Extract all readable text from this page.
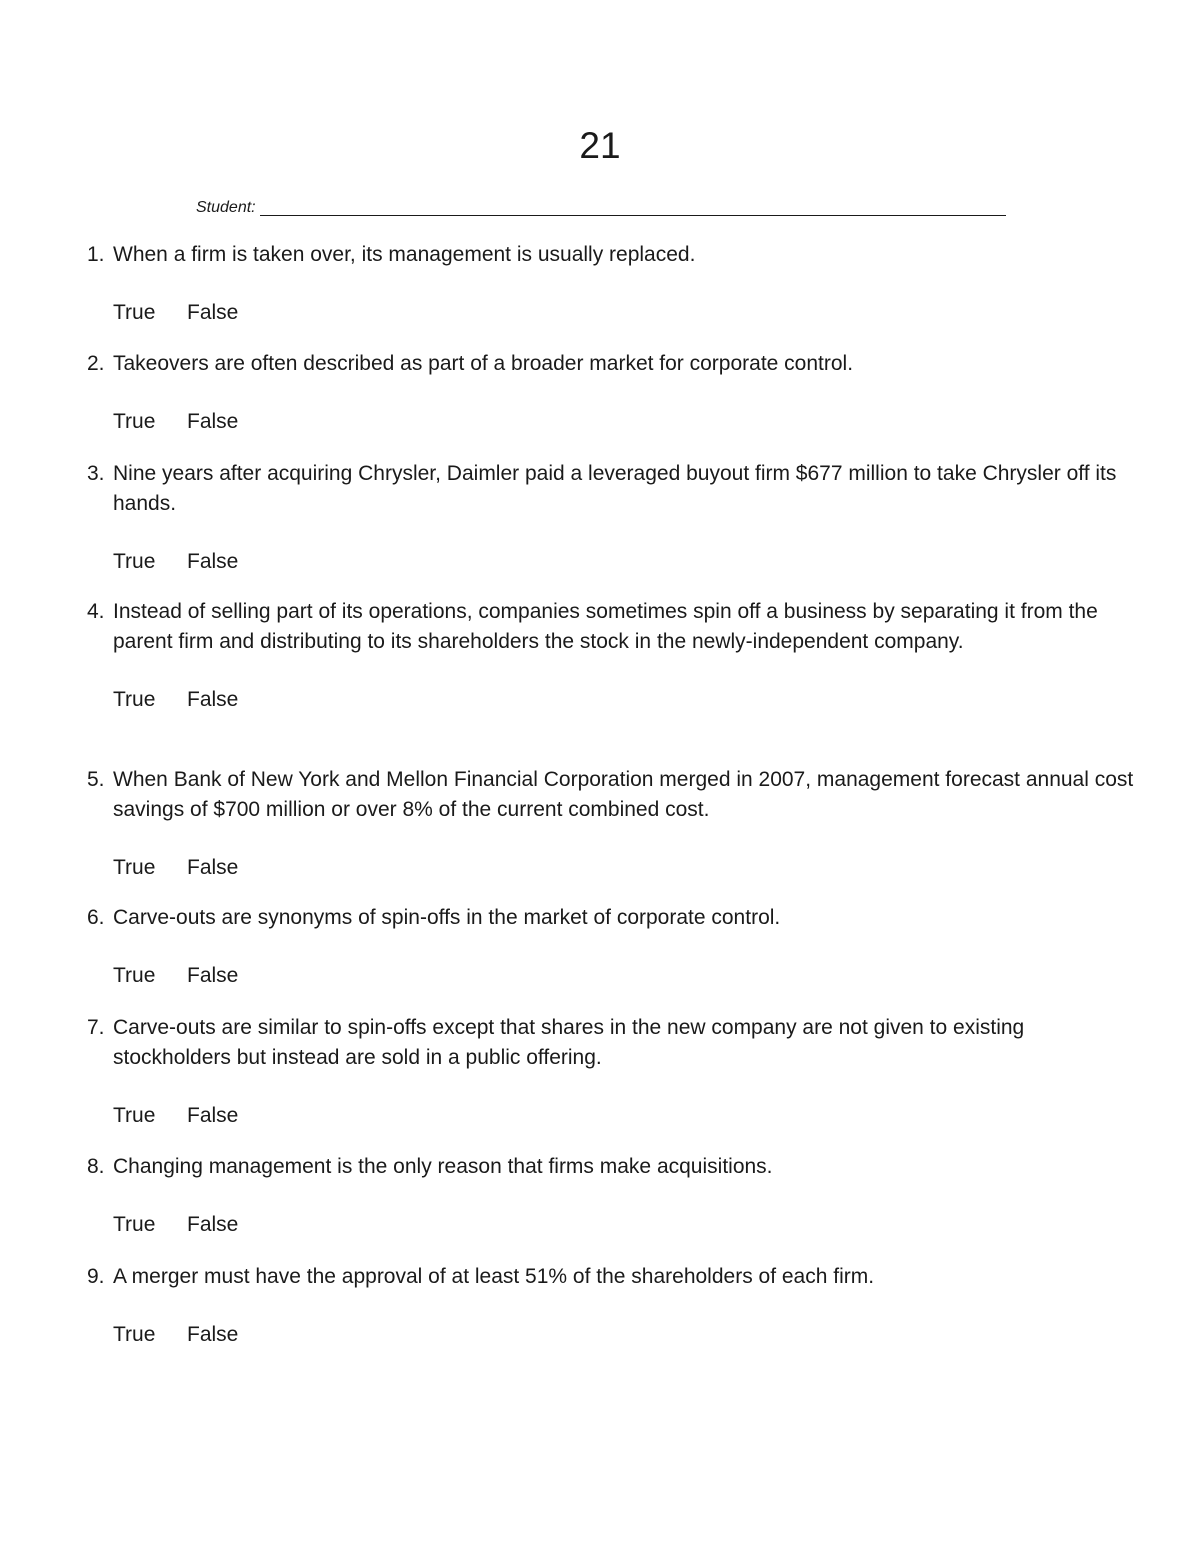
21
Student:
1. When a firm is taken over, its management is usually replaced.
True	False
2. Takeovers are often described as part of a broader market for corporate control.
True	False
3. Nine years after acquiring Chrysler, Daimler paid a leveraged buyout firm $677 million to take Chrysler off its hands.
True	False
4. Instead of selling part of its operations, companies sometimes spin off a business by separating it from the parent firm and distributing to its shareholders the stock in the newly-independent company.
True	False
5. When Bank of New York and Mellon Financial Corporation merged in 2007, management forecast annual cost savings of $700 million or over 8% of the current combined cost.
True	False
6. Carve-outs are synonyms of spin-offs in the market of corporate control.
True	False
7. Carve-outs are similar to spin-offs except that shares in the new company are not given to existing stockholders but instead are sold in a public offering.
True	False
8. Changing management is the only reason that firms make acquisitions.
True	False
9. A merger must have the approval of at least 51% of the shareholders of each firm.
True	False
